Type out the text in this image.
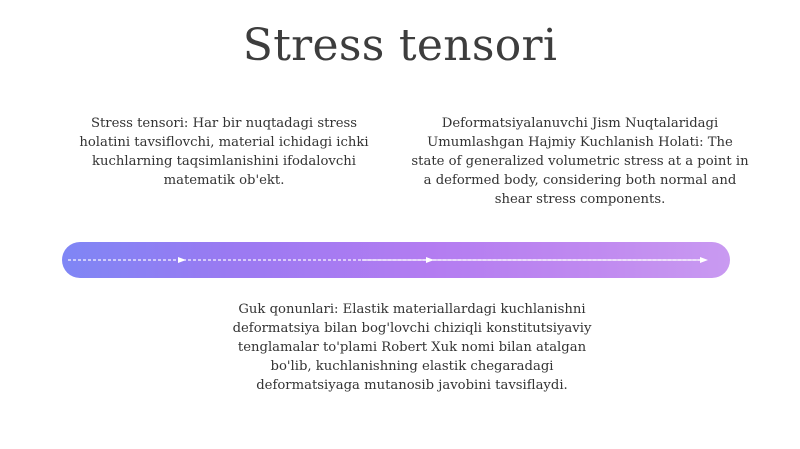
Stress tensori
Stress tensori: Har bir nuqtadagi stress holatini tavsiflovchi, material ichidagi ichki kuchlarning taqsimlanishini ifodalovchi matematik ob'ekt.
Deformatsiyalanuvchi Jism Nuqtalaridagi Umumlashgan Hajmiy Kuchlanish Holati: The state of generalized volumetric stress at a point in a deformed body, considering both normal and shear stress components.
Guk qonunlari: Elastik materiallardagi kuchlanishni deformatsiya bilan bog'lovchi chiziqli konstitutsiyaviy tenglamalar to'plami Robert Xuk nomi bilan atalgan bo'lib, kuchlanishning elastik chegaradagi deformatsiyaga mutanosib javobini tavsiflaydi.
